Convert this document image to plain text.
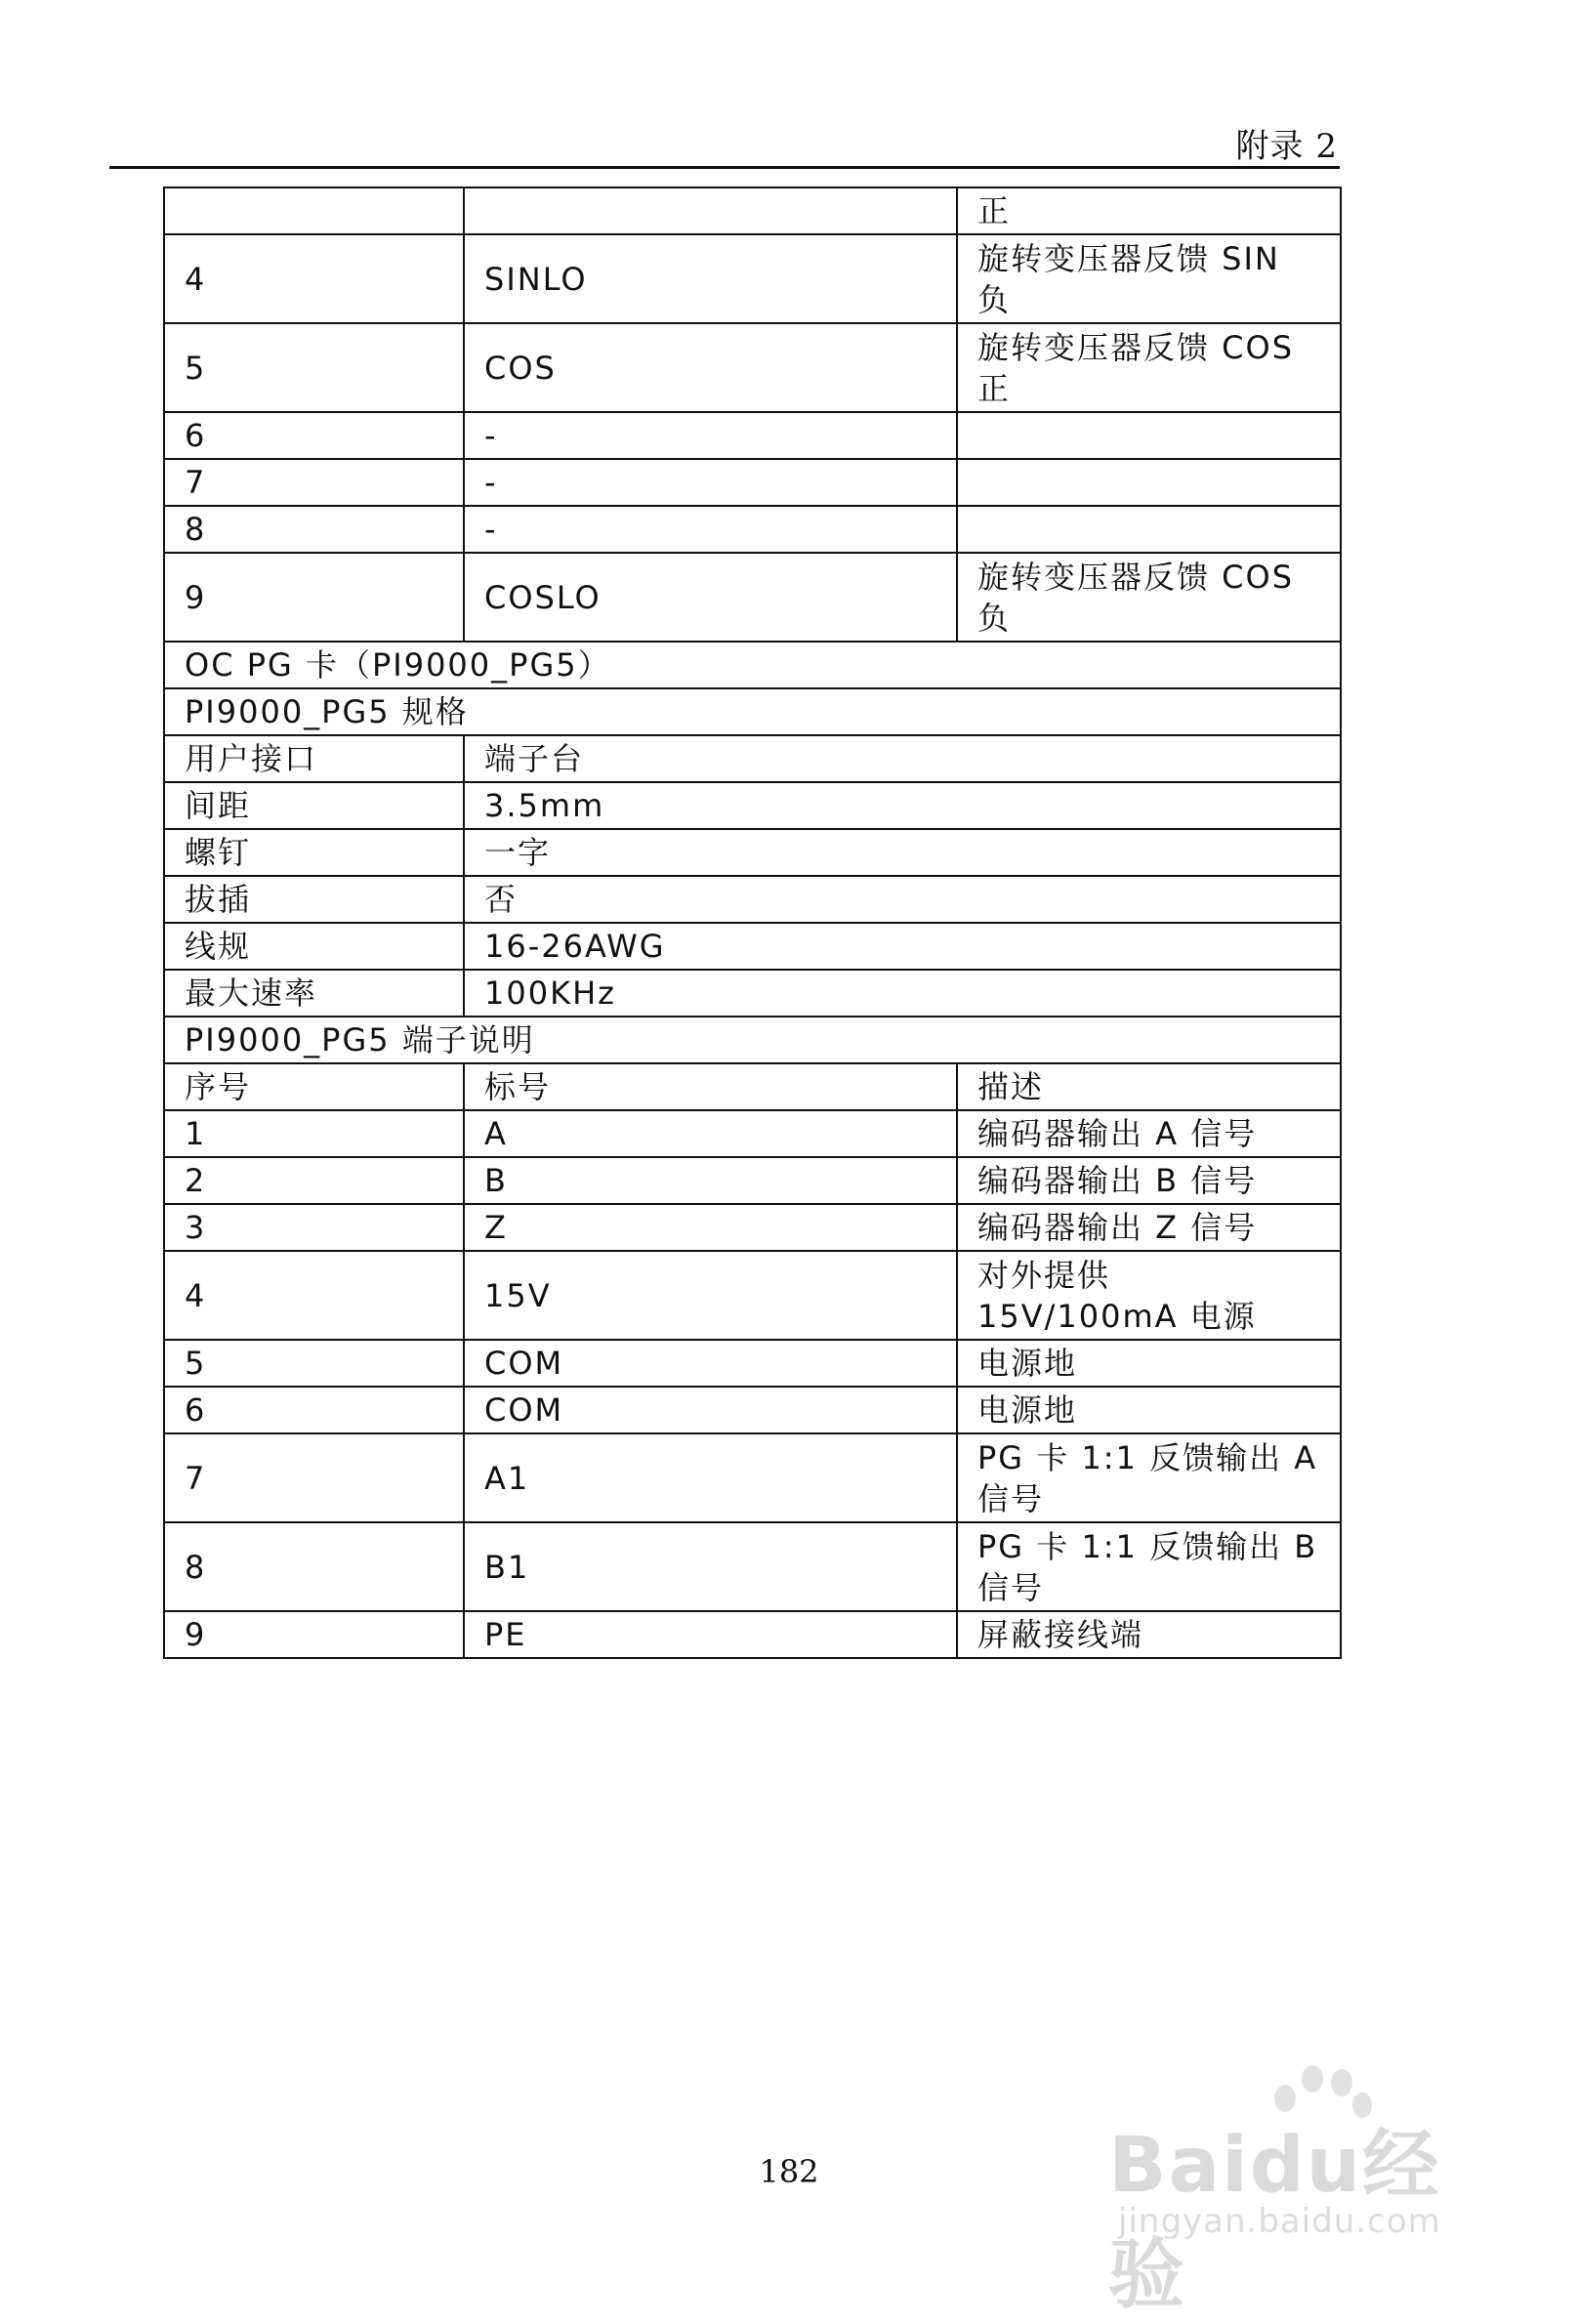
附录 2
		正
4	SINLO	旋转变压器反馈 SIN 负
5	COS	旋转变压器反馈 COS 正
6	-	
7	-	
8	-	
9	COSLO	旋转变压器反馈 COS 负
OC PG 卡（PI9000_PG5）		
PI9000_PG5 规格		
用户接口	端子台	
间距	3.5mm	
螺钉	一字	
拔插	否	
线规	16-26AWG	
最大速率	100KHz	
PI9000_PG5 端子说明		
序号	标号	描述
1	A	编码器输出 A 信号
2	B	编码器输出 B 信号
3	Z	编码器输出 Z 信号
4	15V	对外提供 15V/100mA 电源
5	COM	电源地
6	COM	电源地
7	A1	PG 卡 1:1 反馈输出 A 信号
8	B1	PG 卡 1:1 反馈输出 B 信号
9	PE	屏蔽接线端
182	Baidu经验
jingyan.baidu.com
